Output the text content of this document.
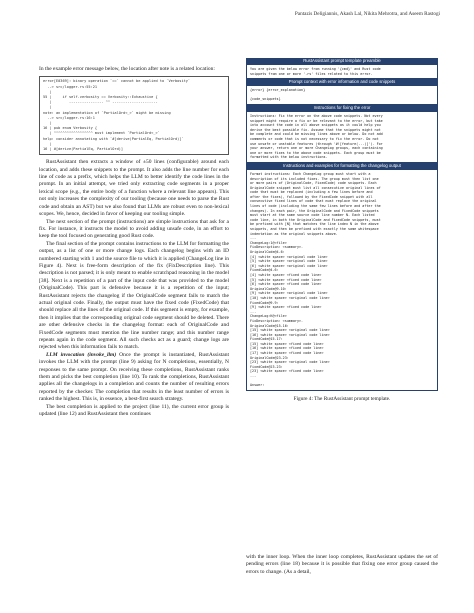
Pantazis Deligiannis, Akash Lal, Nikita Mehrotra, and Aseem Rastogi

In the example error message below, the location after note is a related location:

error[E0369]: binary operation `==` cannot be applied to `Verbosity`
--> src/logger.rs:55:21
|
55 |     if self.verbosity == Verbosity::Exhaustive {
|        ---------------- ^^ ---------------------
|
note: an implementation of `PartialOrd<_>` might be missing
--> src/logger.rs:16:1
|
16 | pub enum Verbosity {
| ^^^^^^^^^^^^^^^^^^ must implement `PartialOrd<_>`
help: consider annotating with `#[derive(PartialEq, PartialOrd)]`
|
16 | #[derive(PartialEq, PartialOrd)]

RustAssistant then extracts a window of ±50 lines (configurable) around each location, and adds these snippets to the prompt. It also adds the line number for each line of code as a prefix, which helps the LLM to better identify the code lines in the prompt. In an initial attempt, we tried only extracting code segments in a proper lexical scope (e.g., the entire body of a function where a relevant line appears). This not only increases the complexity of our tooling (because one needs to parse the Rust code and obtain an AST) but we also found that LLMs are robust even to non-lexical scopes. We, hence, decided in favor of keeping our tooling simple.

The next section of the prompt (instructions) are simple instructions that ask for a fix. For instance, it instructs the model to avoid adding unsafe code, in an effort to keep the tool focused on generating good Rust code.

The final section of the prompt contains instructions to the LLM for formatting the output, as a list of one or more change logs. Each changelog begins with an ID numbered starting with 1 and the source file to which it is applied (ChangeLog line in Figure 4). Next is free-form description of the fix (FixDescription line). This description is not parsed; it is only meant to enable scratchpad reasoning in the model [38]. Next is a repetition of a part of the input code that was provided to the model (OriginalCode). This part is defensive because it is a repetition of the input; RustAssistant rejects the changelog if the OriginalCode segment fails to match the actual original code. Finally, the output must have the fixed code (FixedCode) that should replace all the lines of the original code. If this segment is empty, for example, then it implies that the corresponding original code segment should be deleted. There are other defensive checks in the changelog format: each of OriginalCode and FixedCode segments must mention the line number range; and this number range repeats again in the code segment. All such checks act as a guard; change logs are rejected when this information fails to match.

LLM invocation (invoke_llm) Once the prompt is instantiated, RustAssistant invokes the LLM with the prompt (line 9) asking for N completions, essentially, N responses to the same prompt. On receiving these completions, RustAssistant ranks them and picks the best completion (line 10). To rank the completions, RustAssistant applies all the changelogs in a completion and counts the number of resulting errors reported by the checker. The completion that results in the least number of errors is ranked the highest. This is, in essence, a best-first search strategy.

The best completion is applied to the project (line 11), the current error group is updated (line 12) and RustAssistant then continues

RustAssistant prompt template preamble
You are given the below error from running '{cmd}' and Rust code
snippets from one or more '.rs' files related to this error.
Prompt context with error information and code snippets
{error} {error_explanation}

{code_snippets}
Instructions for fixing the error
Instructions: Fix the error on the above code snippets. Not every
snippet might require a fix or be relevant to the error, but take
into account the code in all above snippets as it could help you
derive the best possible fix. Assume that the snippets might not
be complete and could be missing lines above or below. Do not add
comments or code that is not necessary to fix the error. Do not
use unsafe or unstable features (through '#![feature(...)]'). For
your answer, return one or more ChangeLog groups, each containing
one or more fixes to the above code snippets. Each group must be
formatted with the below instructions.
Instructions and examples for formatting the changelog output
Format instructions: Each ChangeLog group must start with a
description of its included fixes. The group must then list one
or more pairs of (OriginalCode, FixedCode) code snippets. Each
OriginalCode snippet must list all consecutive original lines of
code that must be replaced (including a few lines before and
after the fixes), followed by the FixedCode snippet with all
consecutive fixed lines of code that must replace the original
lines of code (including the same few lines before and after the
changes). In each pair, the OriginalCode and FixedCode snippets
must start at the same source code line number N. Each listed
code line, in both the OriginalCode and FixedCode snippets, must
be prefixed with [N] that matches the line index N in the above
snippets, and then be prefixed with exactly the same whitespace
indentation as the original snippets above.
---
ChangeLog:1@<file>
FixDescription: <summary>.
OriginalCode@4-6:
[4] <white space> <original code line>
[5] <white space> <original code line>
[6] <white space> <original code line>
FixedCode@4-6:
[4] <white space> <fixed code line>
[5] <white space> <fixed code line>
[6] <white space> <fixed code line>
OriginalCode@9-10:
[9] <white space> <original code line>
[10] <white space> <original code line>
FixedCode@9-9:
[9] <white space> <fixed code line>
...
ChangeLog:K@<file>
FixDescription: <summary>.
OriginalCode@15-16:
[15] <white space> <original code line>
[16] <white space> <original code line>
FixedCode@15-17:
[15] <white space> <fixed code line>
[16] <white space> <fixed code line>
[17] <white space> <fixed code line>
OriginalCode@23-23:
[23] <white space> <original code line>
FixedCode@23-23:
[23] <white space> <fixed code line>
---

Answer:
Figure 4: The RustAssistant prompt template.

with the inner loop. When the inner loop completes, RustAssistant updates the set of pending errors (line 18) because it is possible that fixing one error group caused the errors to change. (As a detail,
